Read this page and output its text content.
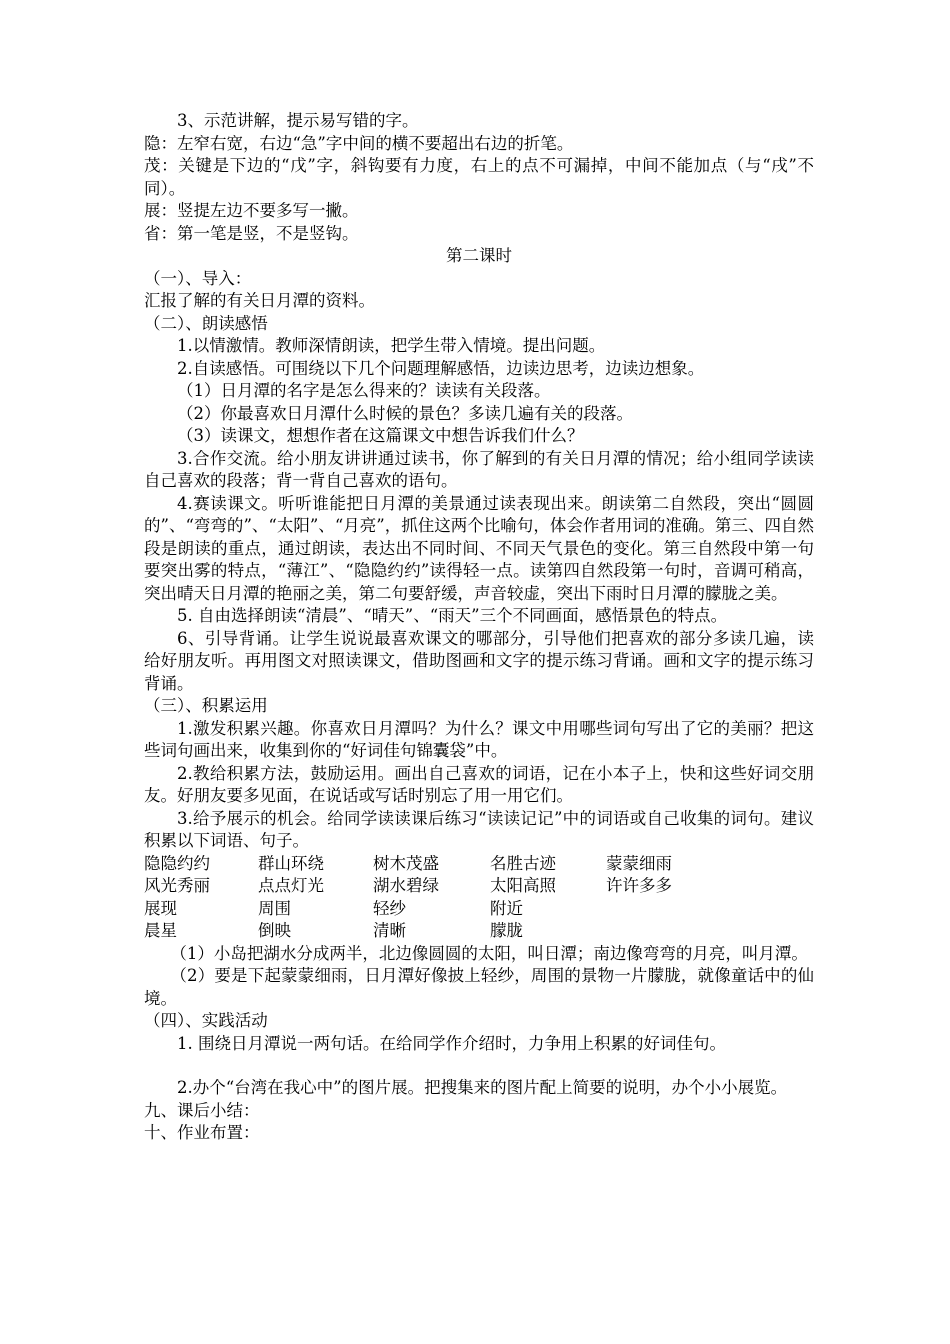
3、示范讲解，提示易写错的字。

隐：左窄右宽，右边“急”字中间的横不要超出右边的折笔。

茂：关键是下边的“戊”字，斜钩要有力度，右上的点不可漏掉，中间不能加点（与“戌”不同）。

展：竖提左边不要多写一撇。

省：第一笔是竖，不是竖钩。

第二课时

（一）、导入：

汇报了解的有关日月潭的资料。

（二）、朗读感悟

1.以情激情。教师深情朗读，把学生带入情境。提出问题。

2.自读感悟。可围绕以下几个问题理解感悟，边读边思考，边读边想象。

（1）日月潭的名字是怎么得来的？读读有关段落。

（2）你最喜欢日月潭什么时候的景色？多读几遍有关的段落。

（3）读课文，想想作者在这篇课文中想告诉我们什么？

3.合作交流。给小朋友讲讲通过读书，你了解到的有关日月潭的情况；给小组同学读读自己喜欢的段落；背一背自己喜欢的语句。

4.赛读课文。听听谁能把日月潭的美景通过读表现出来。朗读第二自然段，突出“圆圆的”、“弯弯的”、“太阳”、“月亮”，抓住这两个比喻句，体会作者用词的准确。第三、四自然段是朗读的重点，通过朗读，表达出不同时间、不同天气景色的变化。第三自然段中第一句要突出雾的特点，“薄江”、“隐隐约约”读得轻一点。读第四自然段第一句时，音调可稍高，突出晴天日月潭的艳丽之美，第二句要舒缓，声音较虚，突出下雨时日月潭的朦胧之美。

5. 自由选择朗读“清晨”、“晴天”、“雨天”三个不同画面，感悟景色的特点。

6、引导背诵。让学生说说最喜欢课文的哪部分，引导他们把喜欢的部分多读几遍，读给好朋友听。再用图文对照读课文，借助图画和文字的提示练习背诵。画和文字的提示练习背诵。

（三）、积累运用

1.激发积累兴趣。你喜欢日月潭吗？为什么？课文中用哪些词句写出了它的美丽？把这些词句画出来，收集到你的“好词佳句锦囊袋”中。

2.教给积累方法，鼓励运用。画出自己喜欢的词语，记在小本子上，快和这些好词交朋友。好朋友要多见面，在说话或写话时别忘了用一用它们。

3.给予展示的机会。给同学读读课后练习“读读记记”中的词语或自己收集的词句。建议积累以下词语、句子。

隐隐约约	群山环绕	树木茂盛	名胜古迹	蒙蒙细雨
风光秀丽	点点灯光	湖水碧绿	太阳高照	许许多多
展现	周围	轻纱	附近
晨星	倒映	清晰	朦胧

（1）小岛把湖水分成两半，北边像圆圆的太阳，叫日潭；南边像弯弯的月亮，叫月潭。

（2）要是下起蒙蒙细雨，日月潭好像披上轻纱，周围的景物一片朦胧，就像童话中的仙境。

（四）、实践活动

1. 围绕日月潭说一两句话。在给同学作介绍时，力争用上积累的好词佳句。

2.办个“台湾在我心中”的图片展。把搜集来的图片配上简要的说明，办个小小展览。

九、课后小结：

十、作业布置：
